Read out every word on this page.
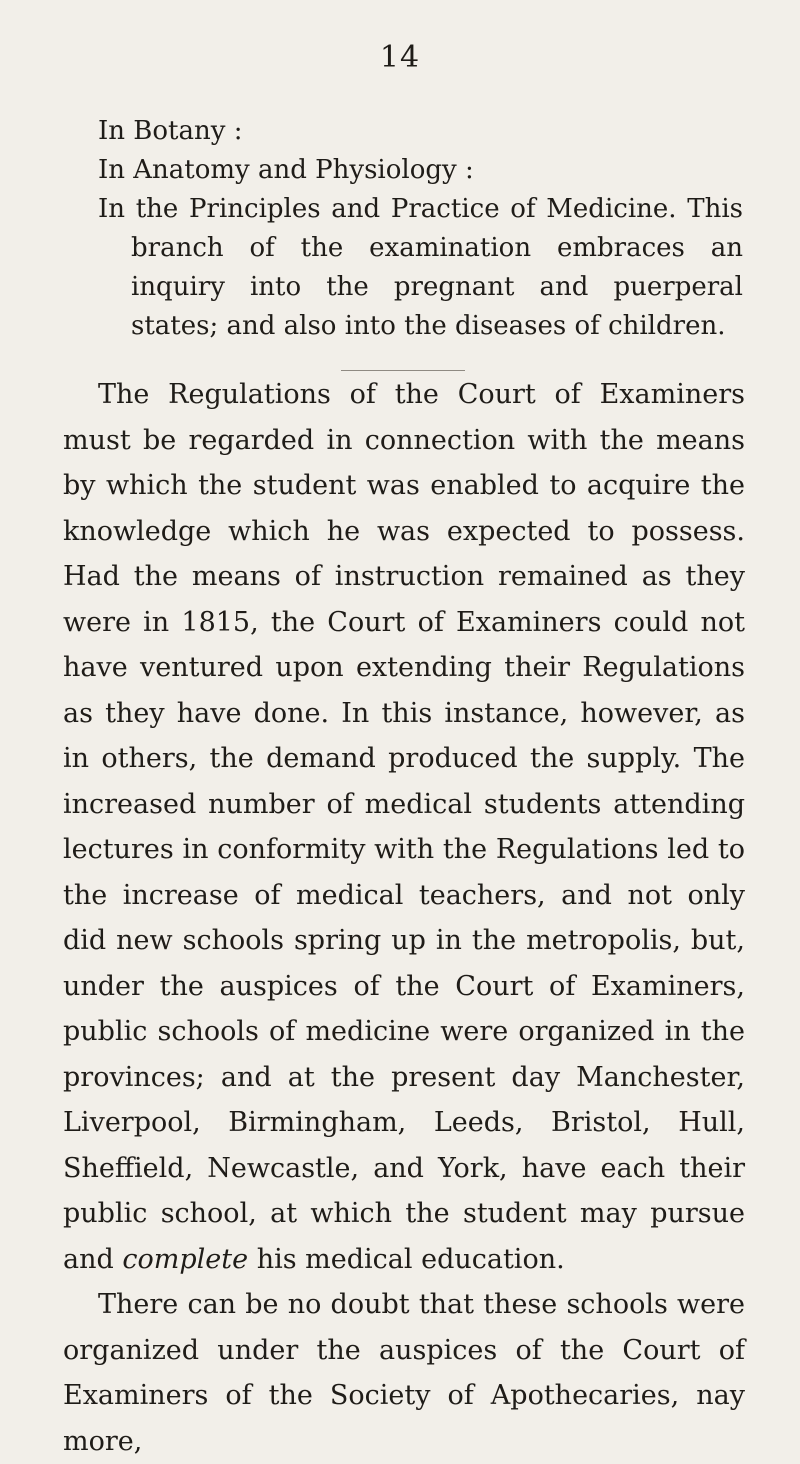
14
In Botany :
In Anatomy and Physiology :
In the Principles and Practice of Medicine. This branch of the examination embraces an inquiry into the pregnant and puerperal states; and also into the diseases of children.

The Regulations of the Court of Examiners must be regarded in connection with the means by which the student was enabled to acquire the knowledge which he was expected to possess. Had the means of instruction remained as they were in 1815, the Court of Examiners could not have ventured upon extending their Regulations as they have done. In this instance, however, as in others, the demand produced the supply. The increased number of medical students attending lectures in conformity with the Regulations led to the increase of medical teachers, and not only did new schools spring up in the metropolis, but, under the auspices of the Court of Examiners, public schools of medicine were organized in the provinces; and at the present day Manchester, Liverpool, Birmingham, Leeds, Bristol, Hull, Sheffield, Newcastle, and York, have each their public school, at which the student may pursue and complete his medical education.

There can be no doubt that these schools were organized under the auspices of the Court of Examiners of the Society of Apothecaries, nay more,
